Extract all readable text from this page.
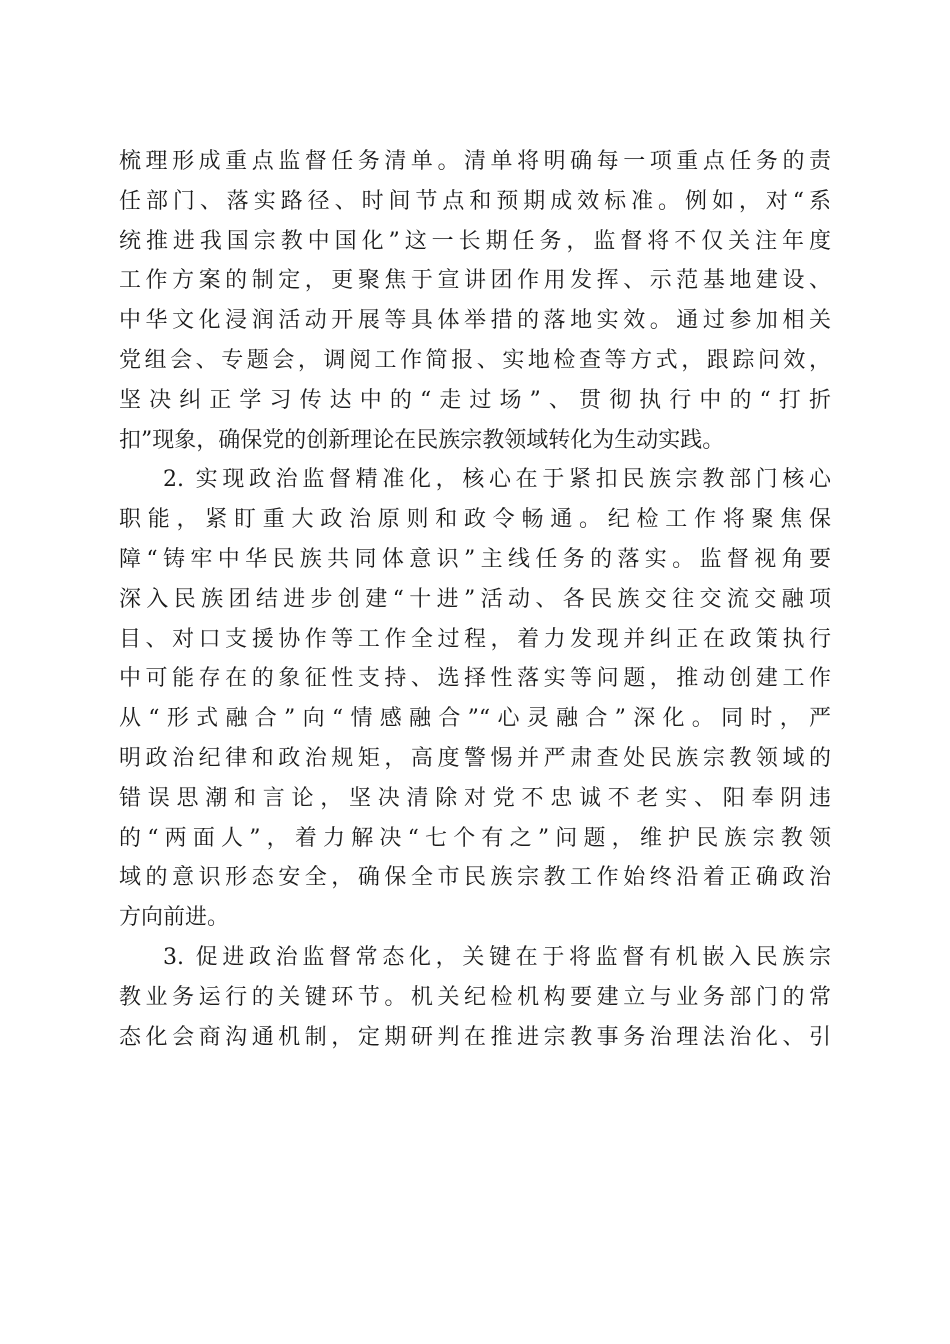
梳理形成重点监督任务清单。清单将明确每一项重点任务的责
任部门、落实路径、时间节点和预期成效标准。例如，对“系
统推进我国宗教中国化”这一长期任务，监督将不仅关注年度
工作方案的制定，更聚焦于宣讲团作用发挥、示范基地建设、
中华文化浸润活动开展等具体举措的落地实效。通过参加相关
党组会、专题会，调阅工作简报、实地检查等方式，跟踪问效，
坚决纠正学习传达中的“走过场”、贯彻执行中的“打折
扣”现象，确保党的创新理论在民族宗教领域转化为生动实践。
2. 实现政治监督精准化，核心在于紧扣民族宗教部门核心
职能，紧盯重大政治原则和政令畅通。纪检工作将聚焦保
障“铸牢中华民族共同体意识”主线任务的落实。监督视角要
深入民族团结进步创建“十进”活动、各民族交往交流交融项
目、对口支援协作等工作全过程，着力发现并纠正在政策执行
中可能存在的象征性支持、选择性落实等问题，推动创建工作
从“形式融合”向“情感融合”“心灵融合”深化。同时，严
明政治纪律和政治规矩，高度警惕并严肃查处民族宗教领域的
错误思潮和言论，坚决清除对党不忠诚不老实、阳奉阴违
的“两面人”，着力解决“七个有之”问题，维护民族宗教领
域的意识形态安全，确保全市民族宗教工作始终沿着正确政治
方向前进。
3. 促进政治监督常态化，关键在于将监督有机嵌入民族宗
教业务运行的关键环节。机关纪检机构要建立与业务部门的常
态化会商沟通机制，定期研判在推进宗教事务治理法治化、引
